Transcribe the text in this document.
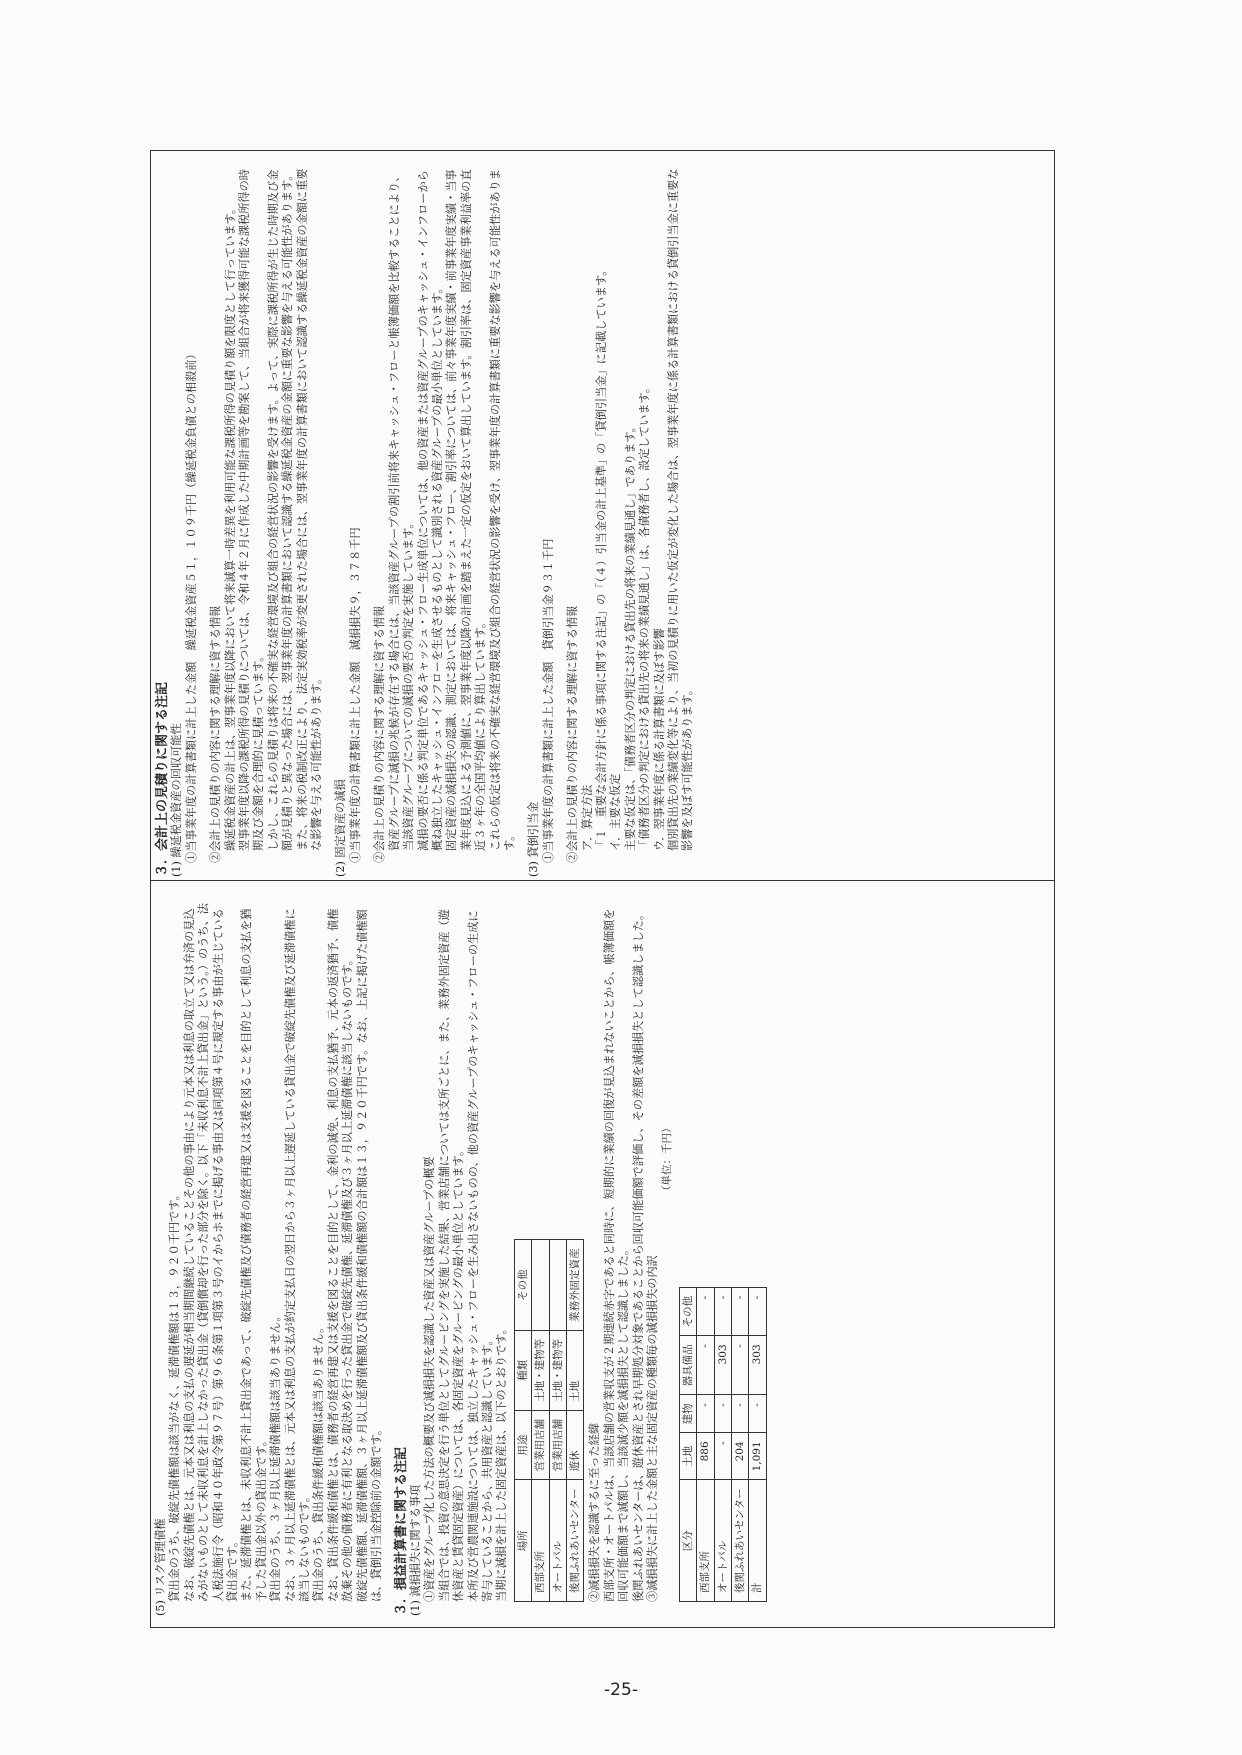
(5) リスク管理債権 貸出金のうち、破綻先債権額は該当がなく、延滞債権額は１３，９２０千円です。 なお、破綻先債権とは、元本又は利息の支払の遅延が相当期間継続していることその他の事由により元本又は利息の取立て又は弁済の見込みがないものとして未収利息を計上しなかった貸出金（貸倒償却を行った部分を除く。以下「未収利息不計上貸出金」という。）のうち、法人税法施行令（昭和４０年政令第９７号）第９６条第１項第３号のイからホまでに掲げる事由又は同項第４号に規定する事由が生じている貸出金です。 また、延滞債権とは、未収利息不計上貸出金であって、破綻先債権及び債務者の経営再建又は支援を図ることを目的として利息の支払を猶予した貸出金以外の貸出金です。 貸出金のうち、３ヶ月以上延滞債権額は該当ありません。 なお、３ヶ月以上延滞債権とは、元本又は利息の支払が約定支払日の翌日から３ヶ月以上遅延している貸出金で破綻先債権及び延滞債権に該当しないものです。 貸出金のうち、貸出条件緩和債権額は該当ありません。 なお、貸出条件緩和債権とは、債務者の経営再建又は支援を図ることを目的として、金利の減免、利息の支払猶予、元本の返済猶予、債権放棄その他の債務者に有利となる取決めを行った貸出金で破綻先債権、延滞債権及び３ヶ月以上延滞債権に該当しないものです。 破綻先債権額、延滞債権額、３ヶ月以上延滞債権額及び貸出条件緩和債権額の合計額は１３，９２０千円です。なお、上記に掲げた債権額は、貸倒引当金控除前の金額です。 ３．損益計算書に関する注記 (1) 減損損失に関する事項 ①資産をグループ化した方法の概要及び減損損失を認識した資産又は資産グループの概要 当組合では、投資の意思決定を行う単位としてグルーピングを実施した結果、営業店舗については支所ごとに、また、業務外固定資産（遊休資産と賃貸固定資産）については、各固定資産をグルーピングの最小単位としています。 本所及び営農関連施設については、独立したキャッシュ・フローを生み出さないものの、他の資産グループのキャッシュ・フローの生成に寄与していることから、共用資産と認識しています。 当期に減損を計上した固定資産は、以下のとおりです。 場所	用途	種類	その他
西部支所	営業用店舗	土地・建物等	
オートパル	営業用店舗	土地・建物等	
後関ふれあいセンター	遊休	土地	業務外固定資産

②減損損失を認識するに至った経緯 西部支所・オートパルは、当該店舗の営業収支が２期連続赤字であると同時に、短期的に業績の回復が見込まれないことから、帳簿価額を回収可能価額まで減額し、当該減少額を減損損失として認識しました。 後関ふれあいセンターは、遊休資産とされ早期処分対象であることから回収可能価額で評価し、その差額を減損損失として認識しました。 ③減損損失に計上した金額と主な固定資産の種類毎の減損損失の内訳

（単位：千円）

区分	土地	建物	器具備品	その他
西部支所	886	-	-	-
オートパル	-	-	303	-
後関ふれあいセンター	204	-	-	-
計	1,091	-	303	-

３．会計上の見積りに関する注記 (1) 繰延税金資産の回収可能性 ①当事業年度の計算書類に計上した金額　繰延税金資産５１，１０９千円（繰延税金負債との相殺前） ②会計上の見積りの内容に関する理解に資する情報 繰延税金資産の計上は、翌事業年度以降において将来減算一時差異を利用可能な課税所得の見積り額を限度として行っています。 翌事業年度以降の課税所得の見積りについては、令和４年２月に作成した中期計画等を勘案して、当組合が将来獲得可能な課税所得の時期及び金額を合理的に見積っています。 しかし、これらの見積りは将来の不確実な経営環境及び組合の経営状況の影響を受けます。よって、実際に課税所得が生じた時期及び金額が見積りと異なった場合には、翌事業年度の計算書類において認識する繰延税金資産の金額に重要な影響を与える可能性があります。 また、将来の税制改正により、法定実効税率が変更された場合には、翌事業年度の計算書類において認識する繰延税金資産の金額に重要な影響を与える可能性があります。 (2) 固定資産の減損 ①当事業年度の計算書類に計上した金額　減損損失９，３７８千円 ②会計上の見積りの内容に関する理解に資する情報 資産グループに減損の兆候が存在する場合には、当該資産グループの割引前将来キャッシュ・フローと帳簿価額を比較することにより、当該資産グループについての減損の要否の判定を実施しています。 減損の要否に係る判定単位であるキャッシュ・フロー生成単位については、他の資産または資産グループのキャッシュ・インフローから概ね独立したキャッシュ・インフローを生成させるものとして識別される資産グループの最小単位としています。 固定資産の減損損失の認識、測定においては、将来キャッシュ・フロー、割引率については、前々事業年度実績・前事業年度実績・当事業年度見込による予測値に、翌事業年度以降の計画を踏まえた一定の仮定をおいて算出しています。割引率は、固定資産事業利益率の直近３ヶ年の全国平均値により算出しています。 これらの仮定は将来の不確実な経営環境及び組合の経営状況の影響を受け、翌事業年度の計算書類に重要な影響を与える可能性があります。 (3) 貸倒引当金 ①当事業年度の計算書類に計上した金額　貸倒引当金９３１千円 ②会計上の見積りの内容に関する理解に資する情報 ア．算定方法 「１　重要な会計方針に係る事項に関する注記」の「（４）引当金の計上基準」の「貸倒引当金」に記載しています。 イ．主要な仮定 主要な仮定は、「債務者区分の判定における貸出先の将来の業績見通し」であります。 「債務者区分の判定における貸出先の将来の業績見通し」は、各債務者し、設定しています。 ウ．翌事業年度に係る計算書類に及ぼす影響 個別貸出先の業績変化等により、当初の見積りに用いた仮定が変化した場合は、翌事業年度に係る計算書類における貸倒引当金に重要な影響を及ぼす可能性があります。

-25-
